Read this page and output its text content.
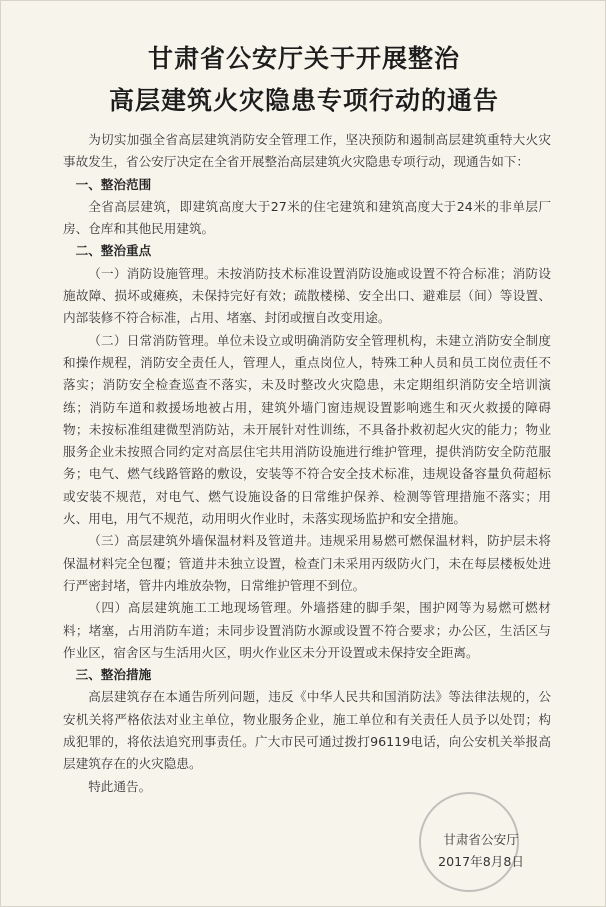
甘肃省公安厅关于开展整治
高层建筑火灾隐患专项行动的通告

为切实加强全省高层建筑消防安全管理工作，坚决预防和遏制高层建筑重特大火灾事故发生，省公安厅决定在全省开展整治高层建筑火灾隐患专项行动，现通告如下：

一、整治范围

全省高层建筑，即建筑高度大于27米的住宅建筑和建筑高度大于24米的非单层厂房、仓库和其他民用建筑。

二、整治重点

（一）消防设施管理。未按消防技术标准设置消防设施或设置不符合标准；消防设施故障、损坏或瘫痪，未保持完好有效；疏散楼梯、安全出口、避难层（间）等设置、内部装修不符合标准，占用、堵塞、封闭或擅自改变用途。

（二）日常消防管理。单位未设立或明确消防安全管理机构，未建立消防安全制度和操作规程，消防安全责任人，管理人，重点岗位人，特殊工种人员和员工岗位责任不落实；消防安全检查巡查不落实，未及时整改火灾隐患，未定期组织消防安全培训演练；消防车道和救援场地被占用，建筑外墙门窗违规设置影响逃生和灭火救援的障碍物；未按标准组建微型消防站，未开展针对性训练，不具备扑救初起火灾的能力；物业服务企业未按照合同约定对高层住宅共用消防设施进行维护管理，提供消防安全防范服务；电气、燃气线路管路的敷设，安装等不符合安全技术标准，违规设备容量负荷超标或安装不规范，对电气、燃气设施设备的日常维护保养、检测等管理措施不落实；用火、用电，用气不规范，动用明火作业时，未落实现场监护和安全措施。

（三）高层建筑外墙保温材料及管道井。违规采用易燃可燃保温材料，防护层未将保温材料完全包覆；管道井未独立设置，检查门未采用丙级防火门，未在每层楼板处进行严密封堵，管井内堆放杂物，日常维护管理不到位。

（四）高层建筑施工工地现场管理。外墙搭建的脚手架，围护网等为易燃可燃材料；堵塞，占用消防车道；未同步设置消防水源或设置不符合要求；办公区，生活区与作业区，宿舍区与生活用火区，明火作业区未分开设置或未保持安全距离。

三、整治措施

高层建筑存在本通告所列问题，违反《中华人民共和国消防法》等法律法规的，公安机关将严格依法对业主单位，物业服务企业，施工单位和有关责任人员予以处罚；构成犯罪的，将依法追究刑事责任。广大市民可通过拨打96119电话，向公安机关举报高层建筑存在的火灾隐患。

特此通告。

甘肃省公安厅
2017年8月8日
